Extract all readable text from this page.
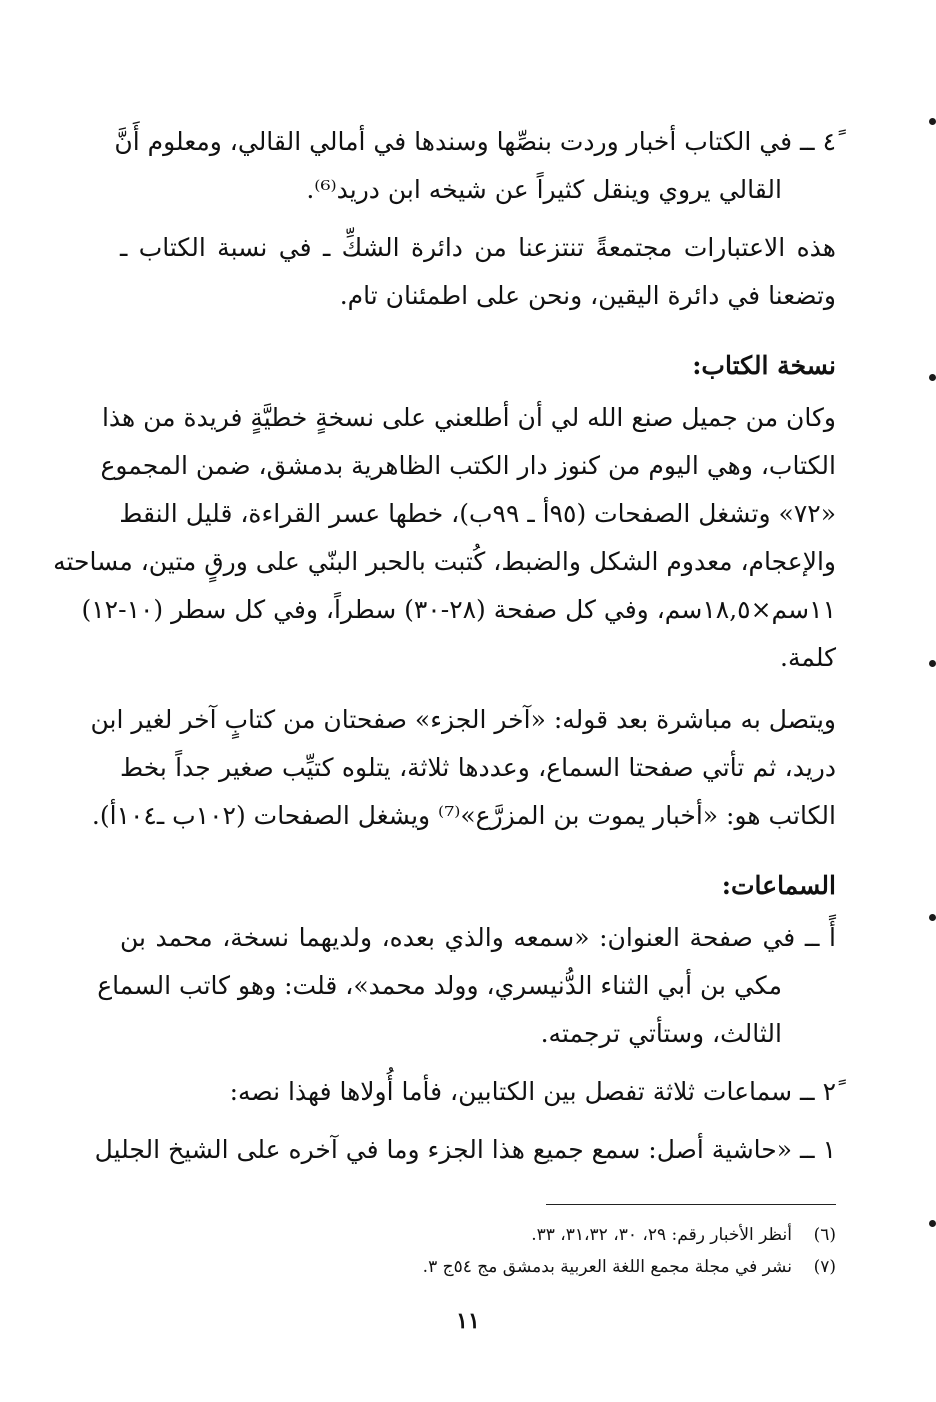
٤ً ــ في الكتاب أخبار وردت بنصِّها وسندها في أمالي القالي، ومعلوم أَنَّ
القالي يروي وينقل كثيراً عن شيخه ابن دريد⁽⁶⁾.
هذه الاعتبارات مجتمعةً تنتزعنا من دائرة الشكِّ ـ في نسبة الكتاب ـ
وتضعنا في دائرة اليقين، ونحن على اطمئنان تام.
نسخة الكتاب:
وكان من جميل صنع الله لي أن أطلعني على نسخةٍ خطيَّةٍ فريدة من هذا
الكتاب، وهي اليوم من كنوز دار الكتب الظاهرية بدمشق، ضمن المجموع
«٧٢» وتشغل الصفحات (٩٥أ ـ ٩٩ب)، خطها عسر القراءة، قليل النقط
والإعجام، معدوم الشكل والضبط، كُتبت بالحبر البنّي على ورقٍ متين، مساحته
١١سم×١٨,٥سم، وفي كل صفحة (٢٨-٣٠) سطراً، وفي كل سطر (١٠-١٢)
كلمة.
ويتصل به مباشرة بعد قوله: «آخر الجزء» صفحتان من كتابٍ آخر لغير ابن
دريد، ثم تأتي صفحتا السماع، وعددها ثلاثة، يتلوه كتيِّب صغير جداً بخط
الكاتب هو: «أخبار يموت بن المزرَّع»⁽⁷⁾ ويشغل الصفحات (١٠٢ب ـ١٠٤أ).
السماعات:
أً ــ في صفحة العنوان: «سمعه والذي بعده، ولديهما نسخة، محمد بن
مكي بن أبي الثناء الدُّنيسري، وولد محمد»، قلت: وهو كاتب السماع
الثالث، وستأتي ترجمته.
٢ً ــ سماعات ثلاثة تفصل بين الكتابين، فأما أُولاها فهذا نصه:
١ ــ «حاشية أصل: سمع جميع هذا الجزء وما في آخره على الشيخ الجليل
(٦)    أنظر الأخبار رقم: ٢٩، ٣٠، ٣١،٣٢، ٣٣.
(٧)    نشر في مجلة مجمع اللغة العربية بدمشق مج ٥٤ج ٣.
١١
